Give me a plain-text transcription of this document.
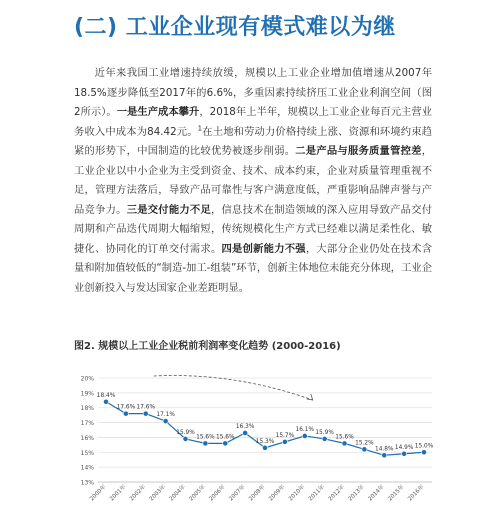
(二) 工业企业现有模式难以为继
近年来我国工业增速持续放缓，规模以上工业企业增加值增速从2007年18.5%逐步降低至2017年的6.6%，多重因素持续挤压工业企业利润空间（图2所示）。一是生产成本攀升，2018年上半年，规模以上工业企业每百元主营业务收入中成本为84.42元。$^1$在土地和劳动力价格持续上涨、资源和环境约束趋紧的形势下，中国制造的比较优势被逐步削弱。二是产品与服务质量管控差，工业企业以中小企业为主受到资金、技术、成本约束，企业对质量管理重视不足，管理方法落后，导致产品可靠性与客户满意度低，严重影响品牌声誉与产品竞争力。三是交付能力不足，信息技术在制造领域的深入应用导致产品交付周期和产品迭代周期大幅缩短，传统规模化生产方式已经难以满足柔性化、敏捷化、协同化的订单交付需求。四是创新能力不强，大部分企业仍处在技术含量和附加值较低的“制造-加工-组装”环节，创新主体地位未能充分体现，工业企业创新投入与发达国家企业差距明显。
图2. 规模以上工业企业税前利润率变化趋势 (2000-2016)
13%
14%
15%
16%
17%
18%
19%
20%
2000年 2001年 2002年 2003年 2004年 2005年 2006年 2007年 2008年 2009年 2010年 2011年 2012年 2013年 2014年 2015年 2016年
18.4%
17.6% 17.6%
17.1%
15.9%
15.6% 15.6%
16.3%
15.3%
15.7%
16.1% 15.9%
15.6%
15.2%
14.8% 14.9% 15.0%
